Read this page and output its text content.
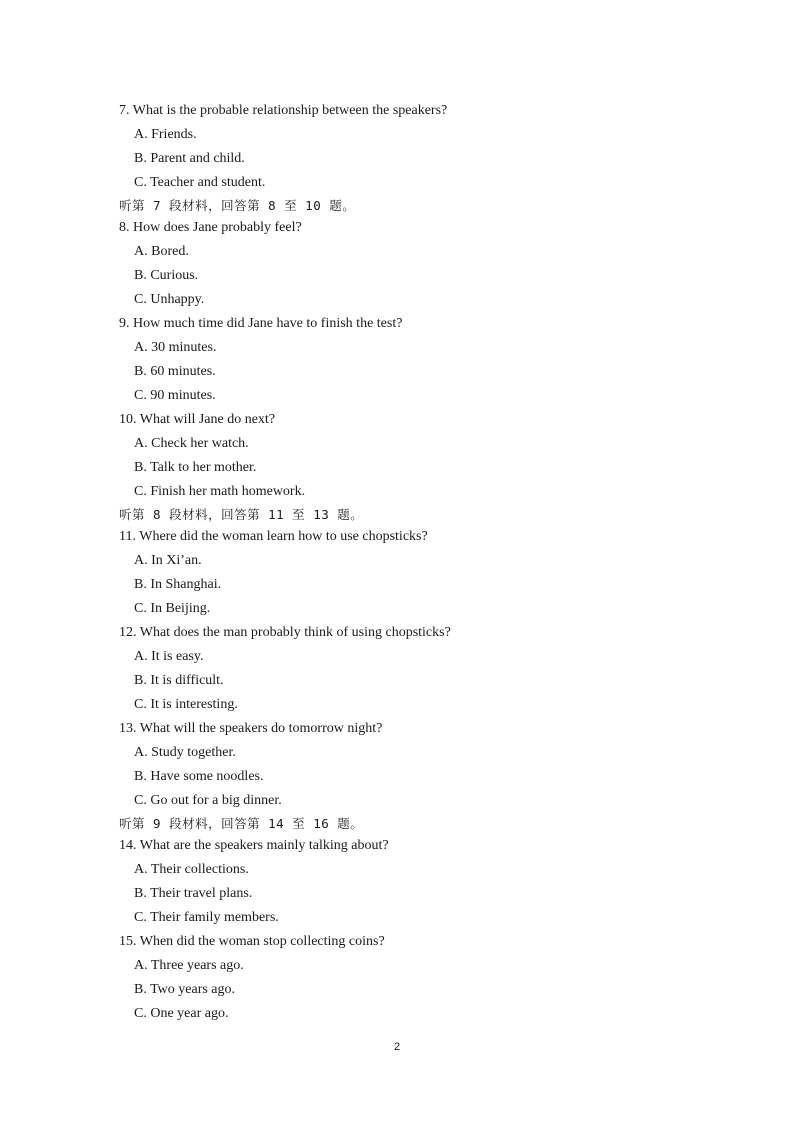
7. What is the probable relationship between the speakers?
A. Friends.
B. Parent and child.
C. Teacher and student.
听第 7 段材料，回答第 8 至 10 题。
8. How does Jane probably feel?
A. Bored.
B. Curious.
C. Unhappy.
9. How much time did Jane have to finish the test?
A. 30 minutes.
B. 60 minutes.
C. 90 minutes.
10. What will Jane do next?
A. Check her watch.
B. Talk to her mother.
C. Finish her math homework.
听第 8 段材料，回答第 11 至 13 题。
11. Where did the woman learn how to use chopsticks?
A. In Xi’an.
B. In Shanghai.
C. In Beijing.
12. What does the man probably think of using chopsticks?
A. It is easy.
B. It is difficult.
C. It is interesting.
13. What will the speakers do tomorrow night?
A. Study together.
B. Have some noodles.
C. Go out for a big dinner.
听第 9 段材料，回答第 14 至 16 题。
14. What are the speakers mainly talking about?
A. Their collections.
B. Their travel plans.
C. Their family members.
15. When did the woman stop collecting coins?
A. Three years ago.
B. Two years ago.
C. One year ago.
2
